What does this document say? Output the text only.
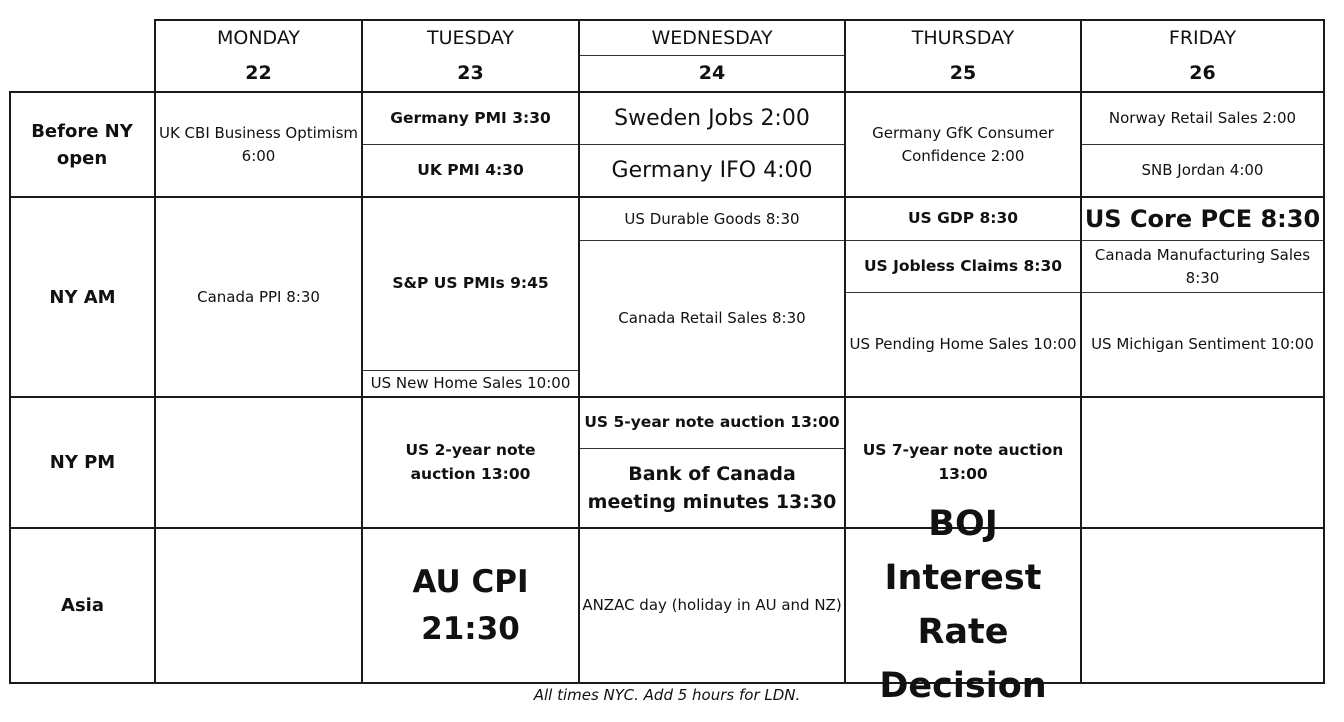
MONDAY
22
TUESDAY
23
WEDNESDAY
24
THURSDAY
25
FRIDAY
26
Before NY open
NY AM
NY PM
Asia
UK CBI Business Optimism 6:00
Germany PMI 3:30
UK PMI 4:30
Sweden Jobs 2:00
Germany IFO 4:00
Germany GfK Consumer Confidence 2:00
Norway Retail Sales 2:00
SNB Jordan 4:00
Canada PPI 8:30
S&P US PMIs 9:45
US New Home Sales 10:00
US Durable Goods 8:30
Canada Retail Sales 8:30
US GDP 8:30
US Jobless Claims 8:30
US Pending Home Sales 10:00
US Core PCE 8:30
Canada Manufacturing Sales 8:30
US Michigan Sentiment 10:00
US 2-year note auction 13:00
US 5-year note auction 13:00
Bank of Canada meeting minutes 13:30
US 7-year note auction 13:00
AU CPI 21:30
ANZAC day (holiday in AU and NZ)
BOJ Interest Rate Decision
All times NYC. Add 5 hours for LDN.
